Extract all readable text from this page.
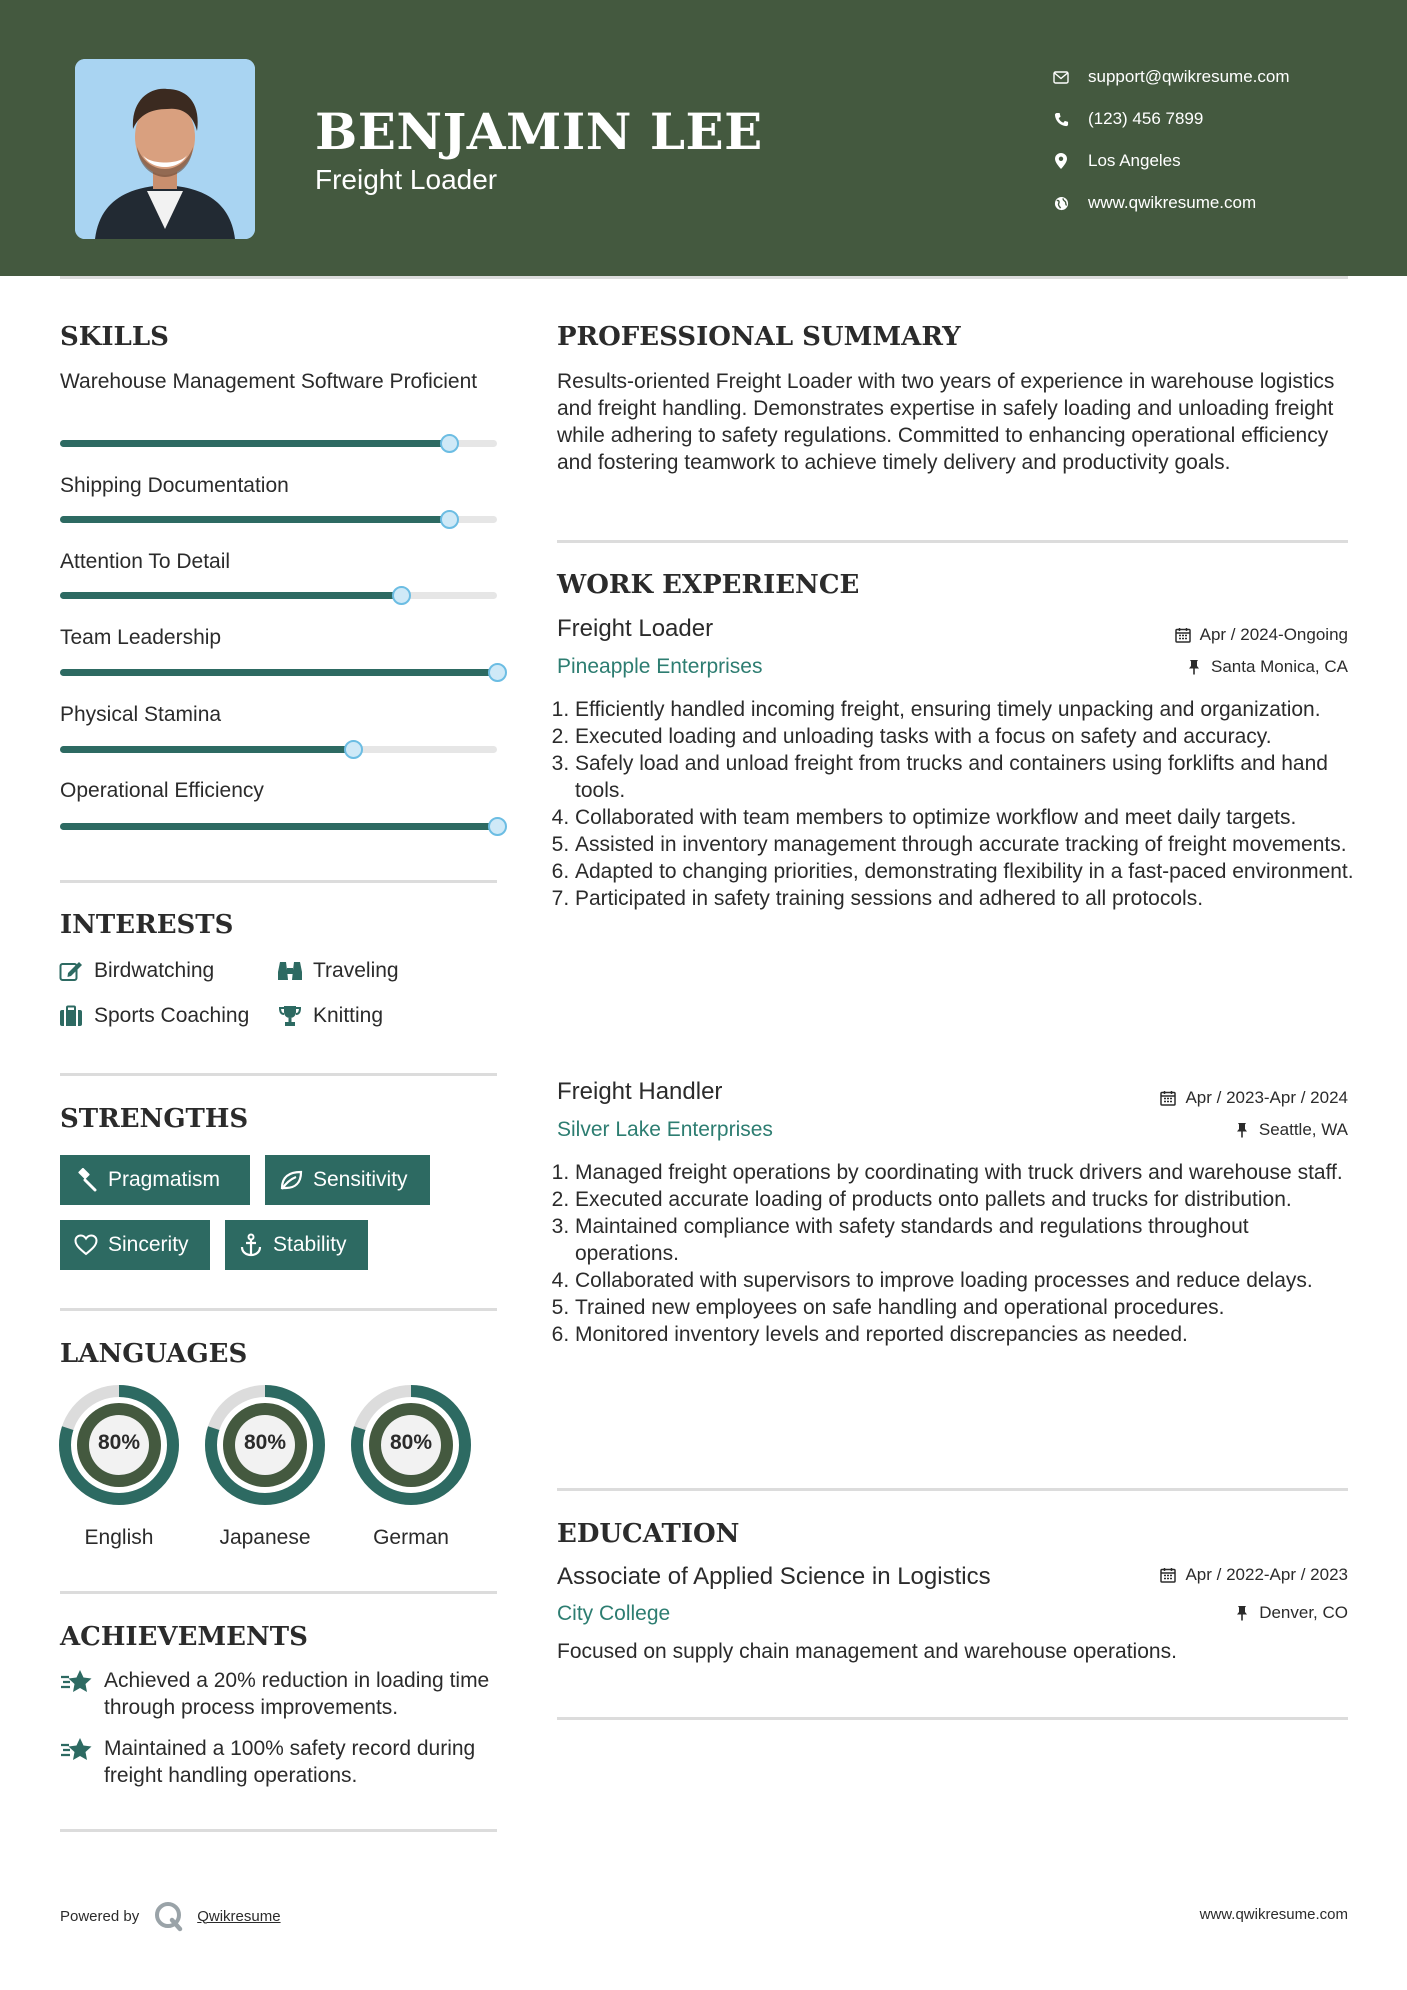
BENJAMIN LEE
Freight Loader
support@qwikresume.com
(123) 456 7899
Los Angeles
www.qwikresume.com
SKILLS
Warehouse Management Software Proficient
Shipping Documentation
Attention To Detail
Team Leadership
Physical Stamina
Operational Efficiency
INTERESTS
Birdwatching	Traveling
Sports Coaching	Knitting
STRENGTHS
Pragmatism	Sensitivity
Sincerity	Stability
LANGUAGES
80%
English
80%
Japanese
80%
German
ACHIEVEMENTS
Achieved a 20% reduction in loading time through process improvements.
Maintained a 100% safety record during freight handling operations.
PROFESSIONAL SUMMARY
Results-oriented Freight Loader with two years of experience in warehouse logistics and freight handling. Demonstrates expertise in safely loading and unloading freight while adhering to safety regulations. Committed to enhancing operational efficiency and fostering teamwork to achieve timely delivery and productivity goals.
WORK EXPERIENCE
Freight Loader	Apr / 2024-Ongoing
Pineapple Enterprises	Santa Monica, CA
1. Efficiently handled incoming freight, ensuring timely unpacking and organization.
2. Executed loading and unloading tasks with a focus on safety and accuracy.
3. Safely load and unload freight from trucks and containers using forklifts and hand tools.
4. Collaborated with team members to optimize workflow and meet daily targets.
5. Assisted in inventory management through accurate tracking of freight movements.
6. Adapted to changing priorities, demonstrating flexibility in a fast-paced environment.
7. Participated in safety training sessions and adhered to all protocols.
Freight Handler	Apr / 2023-Apr / 2024
Silver Lake Enterprises	Seattle, WA
1. Managed freight operations by coordinating with truck drivers and warehouse staff.
2. Executed accurate loading of products onto pallets and trucks for distribution.
3. Maintained compliance with safety standards and regulations throughout operations.
4. Collaborated with supervisors to improve loading processes and reduce delays.
5. Trained new employees on safe handling and operational procedures.
6. Monitored inventory levels and reported discrepancies as needed.
EDUCATION
Associate of Applied Science in Logistics	Apr / 2022-Apr / 2023
City College	Denver, CO
Focused on supply chain management and warehouse operations.
Powered by	Qwikresume	www.qwikresume.com
